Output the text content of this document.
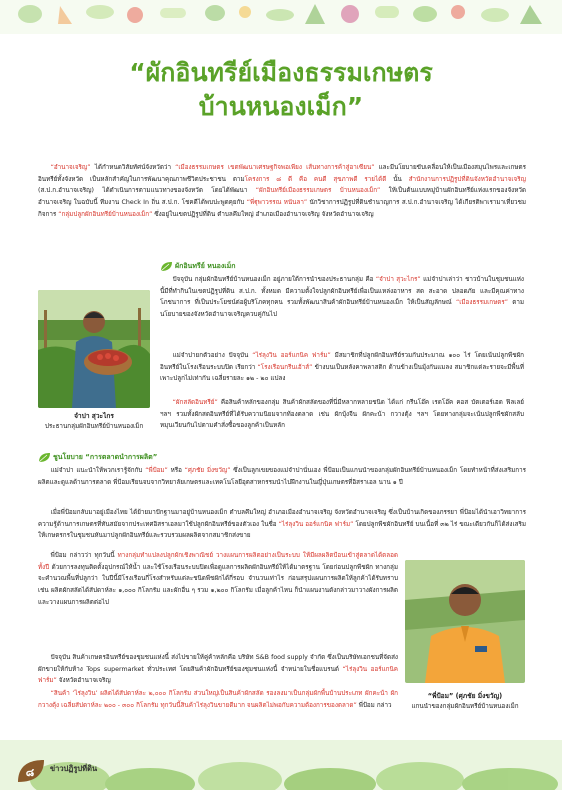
“ผักอินทรีย์เมืองธรรมเกษตร
บ้านหนองเม็ก”

  “อำนาจเจริญ” ได้กำหนดวิสัยทัศน์จังหวัดว่า “เมืองธรรมเกษตร เขตพัฒนาเศรษฐกิจพอเพียง เส้นทางการค้าสู่อาเซียน” และมีนโยบายขับเคลื่อนให้เป็นเมืองสมุนไพรและเกษตรอินทรีย์ทั้งจังหวัด เป็นหลักสำคัญในการพัฒนาคุณภาพชีวิตประชาชน ตามโครงการ ๘ ดี คือ คนดี สุขภาพดี รายได้ดี นั้น สำนักงานการปฏิรูปที่ดินจังหวัดอำนาจเจริญ (ส.ป.ก.อำนาจเจริญ) ได้ดำเนินการตามแนวทางของจังหวัด โดยได้พัฒนา “ผักอินทรีย์เมืองธรรมเกษตร บ้านหนองเม็ก” ให้เป็นต้นแบบหมู่บ้านผักอินทรีย์แห่งแรกของจังหวัดอำนาจเจริญ ในฉบับนี้ ทีมงาน Check In ถิ่น ส.ป.ก. โชคดีได้พบปะพูดคุยกับ “พี่ฐุพาวรรณ หนันลา” นักวิชาการปฏิรูปที่ดินชำนาญการ ส.ป.ก.อำนาจเจริญ ได้เกียรติพาเรามาเที่ยวชมกิจการ “กลุ่มปลูกผักอินทรีย์บ้านหนองเม็ก” ซึ่งอยู่ในเขตปฏิรูปที่ดิน ตำบลคึมใหญ่ อำเภอเมืองอำนาจเจริญ จังหวัดอำนาจเจริญ

ผักอินทรีย์ หนองเม็ก
จำปา สุวะไกร
ประธานกลุ่มผักอินทรีย์บ้านหนองเม็ก

  ปัจจุบัน กลุ่มผักอินทรีย์บ้านหนองเม็ก อยู่ภายใต้การนำของประธานกลุ่ม คือ “จำปา สุวะไกร” แม่จำปาเล่าว่า ชาวบ้านในชุมชนแห่งนี้มีที่ทำกินในเขตปฏิรูปที่ดิน ส.ป.ก. ทั้งหมด มีความตั้งใจปลูกผักอินทรีย์เพื่อเป็นแหล่งอาหาร สด สะอาด ปลอดภัย และมีคุณค่าทางโภชนาการ ที่เป็นประโยชน์ต่อผู้บริโภคทุกคน รวมทั้งพัฒนาสินค้าผักอินทรีย์บ้านหนองเม็ก ให้เป็นสัญลักษณ์ “เมืองธรรมเกษตร” ตามนโยบายของจังหวัดอำนาจเจริญควบคู่กันไป

  แม่จำปายกตัวอย่าง ปัจจุบัน “ไร่ลุงวิน ออร์แกนิค ฟาร์ม” มีสมาชิกที่ปลูกผักอินทรีย์รวมกันประมาณ ๑๐๐ ไร่ โดยเน้นปลูกพืชผักอินทรีย์ในโรงเรือนระบบปิด เรียกว่า “โรงเรือนกรีนเฮ้าส์” ข้างบนเป็นหลังคาพลาสติก ด้านข้างเป็นมุ้งกันแมลง สมาชิกแต่ละรายจะมีพื้นที่เพาะปลูกไม่เท่ากัน เฉลี่ยรายละ ๑๒ - ๒๐ แปลง

  “ผักสลัดอินทรีย์” คือสินค้าหลักของกลุ่ม สินค้าผักสลัดของที่นี่มีหลากหลายชนิด ได้แก่ กรีนโอ๊ค เรดโอ๊ค คอส บัตเตอร์เฮด ฟิลเลย์ ฯลฯ รวมทั้งผักสดอินทรีย์ที่ได้รับความนิยมจากท้องตลาด เช่น ผักบุ้งจีน ผักคะน้า กวางตุ้ง ฯลฯ โดยทางกลุ่มจะเน้นปลูกพืชผักสลับหมุนเวียนกันไปตามคำสั่งซื้อของลูกค้าเป็นหลัก

ชูนโยบาย “การตลาดนำการผลิต”

  แม่จำปา แนะนำให้พวกเรารู้จักกับ “พี่ป้อม” หรือ “ศุภชัย มิ่งขวัญ” ซึ่งเป็นลูกเขยของแม่จำปานั่นเอง พี่ป้อมเป็นแกนนำของกลุ่มผักอินทรีย์บ้านหนองเม็ก โดยทำหน้าที่ส่งเสริมการผลิตและดูแลด้านการตลาด พี่ป้อมเรียนจบจากวิทยาลัยเกษตรและเทคโนโลยีอุตสาหกรรมนำไปฝึกงานในญี่ปุ่นเกษตรที่อิสราเอล นาน ๑ ปี

  เมื่อพี่ป้อมกลับมาอยู่เมืองไทย ได้ย้ายมาปักฐานมาอยู่บ้านหนองเม็ก ตำบลคึมใหญ่ อำเภอเมืองอำนาจเจริญ จังหวัดอำนาจเจริญ ซึ่งเป็นบ้านเกิดของภรรยา พี่ป้อมได้นำเอาวิทยาการความรู้ด้านการเกษตรที่ทันสมัยจากประเทศอิสราเอลมาใช้ปลูกผักอินทรีย์ของตัวเอง ในชื่อ “ไร่ลุงวิน ออร์แกนิค ฟาร์ม” โดยปลูกพืชผักอินทรีย์ บนเนื้อที่ ๓๒ ไร่ ขณะเดียวกันก็ได้ส่งเสริมให้เกษตรกรในชุมชนหันมาปลูกผักอินทรีย์และรวบรวมผลผลิตจากสมาชิกส่งขาย

  พี่ป้อม กล่าวว่า ทุกวันนี้ ทางกลุ่มทำแปลงปลูกผักเชิงพาณิชย์ วางแผนการผลิตอย่างเป็นระบบ ให้มีผลผลิตป้อนเข้าสู่ตลาดได้ตลอดทั้งปี ด้วยการลงทุนติดตั้งอุปกรณ์ให้น้ำ และใช้โรงเรือนระบบปิดเพื่อดูแลการผลิตผักอินทรีย์ให้ได้มาตรฐาน โดยก่อนปลูกพืชผัก ทางกลุ่มจะคำนวณพื้นที่ปลูกว่า ในปีนี้มีโรงเรือนกี่โรงสำหรับแต่ละชนิดพืชผักได้กี่รอบ จำนวนเท่าไร ก่อนสรุปแผนการผลิตให้ลูกค้าได้รับทราบ เช่น ผลิตผักสลัดได้สัปดาห์ละ ๑,๐๐๐ กิโลกรัม และผักอื่น ๆ รวม ๑,๒๐๐ กิโลกรัม เมื่อลูกค้าไหน ก็นำแผนงานดังกล่าวมาวางผังการผลิตและวางแผนการผลิตต่อไป

  ปัจจุบัน สินค้าเกษตรอินทรีย์ของชุมชนแห่งนี้ ส่งไปขายให้คู่ค้าหลักคือ บริษัท S&B food supply จำกัด ซึ่งเป็นบริษัทเอกชนที่จัดส่งผักขายให้กับห้าง Tops supermarket ทั่วประเทศ โดยสินค้าผักอินทรีย์ของชุมชนแห่งนี้ จำหน่ายในชื่อแบรนด์ “ไร่ลุงวิน ออร์แกนิค ฟาร์ม” จังหวัดอำนาจเจริญ

  “สินค้า ‘ไร่ลุงวิน’ ผลิตได้สัปดาห์ละ ๒,๐๐๐ กิโลกรัม ส่วนใหญ่เป็นสินค้าผักสลัด รองลงมาเป็นกลุ่มผักพื้นบ้านประเภท ผักคะน้า ผักกวางตุ้ง เฉลี่ยสัปดาห์ละ ๒๐๐ - ๓๐๐ กิโลกรัม ทุกวันนี้สินค้าไร่ลุงวินขายดีมาก จนผลิตไม่พอกับความต้องการของตลาด” พี่ป้อม กล่าว

“พี่ป้อม” (ศุภชัย มิ่งขวัญ)
แกนนำของกลุ่มผักอินทรีย์บ้านหนองเม็ก
๘ ข่าวปฏิรูปที่ดิน
